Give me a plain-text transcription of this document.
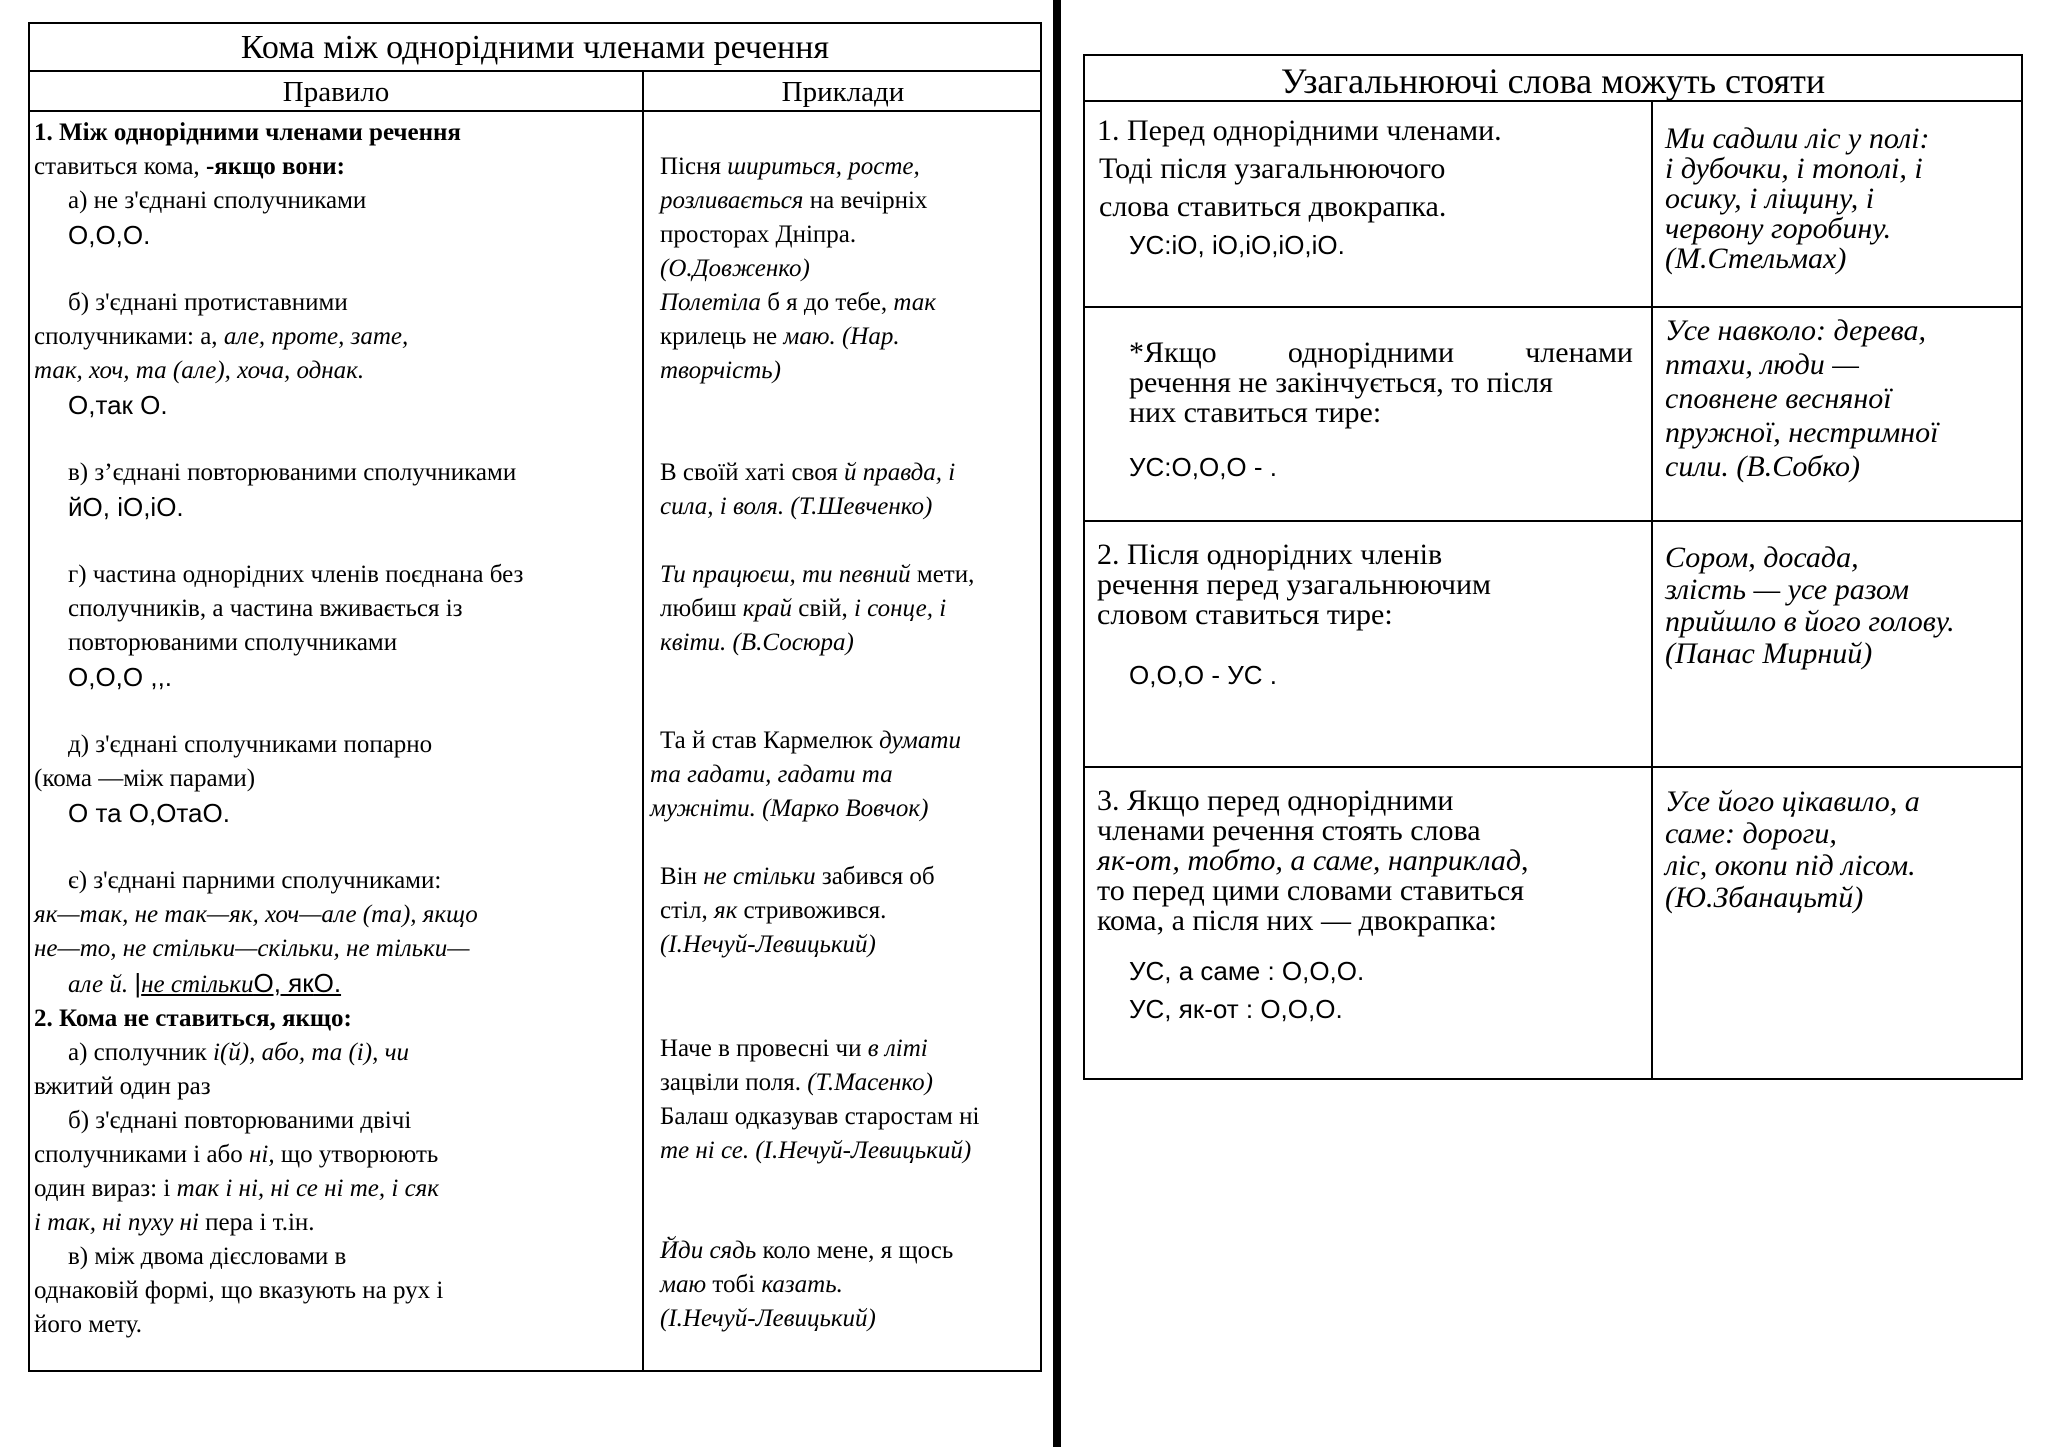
Кома між однорідними членами речення
Правило	Приклади
1. Між однорідними членами речення
ставиться кома, -якщо вони:
а) не з'єднані сполучниками
О,О,О.
б) з'єднані протиставними
сполучниками: а, але, проте, зате,
так, хоч, та (але), хоча, однак.
О,так О.
в) з’єднані повторюваними сполучниками
йО, іО,іО.
г) частина однорідних членів поєднана без
сполучників, а частина вживається із
повторюваними сполучниками
О,О,О ,,.
д) з'єднані сполучниками попарно
(кома —між парами)
О та О,ОтаО.
є) з'єднані парними сполучниками:
як—так, не так—як, хоч—але (та), якщо
не—то, не стільки—скільки, не тільки—
але й. |не стількиО, якО.
2. Кома не ставиться, якщо:
а) сполучник і(й), або, та (і), чи
вжитий один раз
б) з'єднані повторюваними двічі
сполучниками і або ні, що утворюють
один вираз: і так і ні, ні се ні те, і сяк
і так, ні пуху ні пера і т.ін.
в) між двома дієсловами в
однаковій формі, що вказують на рух і
його мету.
Пісня шириться, росте,
розливається на вечірніх
просторах Дніпра.
(О.Довженко)
Полетіла б я до тебе, так
крилець не маю. (Нар.
творчість)
В своїй хаті своя й правда, і
сила, і воля. (Т.Шевченко)
Ти працюєш, ти певний мети,
любиш край свій, і сонце, і
квіти. (В.Сосюра)
Та й став Кармелюк думати
та гадати, гадати та
мужніти. (Марко Вовчок)
Він не стільки забився об
стіл, як стривожився.
(І.Нечуй-Левицький)
Наче в провесні чи в літі
зацвіли поля. (Т.Масенко)
Балаш одказував старостам ні
те ні се. (І.Нечуй-Левицький)
Йди сядь коло мене, я щось
маю тобі казать.
(І.Нечуй-Левицький)
Узагальнюючі слова можуть стояти
1. Перед однорідними членами.
Тоді після узагальнюючого
слова ставиться двокрапка.
УС:іО, іО,іО,іО,іО.
Ми садили ліс у полі:
і дубочки, і тополі, і
осику, і ліщину, і
червону горобину.
(М.Стельмах)
*Якщо однорідними членами
речення не закінчується, то після
них ставиться тире:
УС:О,О,О - .
Усе навколо: дерева,
птахи, люди —
сповнене весняної
пружної, нестримної
сили. (В.Собко)
2. Після однорідних членів
речення перед узагальнюючим
словом ставиться тире:
О,О,О - УС .
Сором, досада,
злість — усе разом
прийшло в його голову.
(Панас Мирний)
3. Якщо перед однорідними
членами речення стоять слова
як-от, тобто, а саме, наприклад,
то перед цими словами ставиться
кома, а після них — двокрапка:
УС, а саме : О,О,О.
УС, як-от : О,О,О.
Усе його цікавило, а
саме: дороги,
ліс, окопи під лісом.
(Ю.Збанацьтй)
